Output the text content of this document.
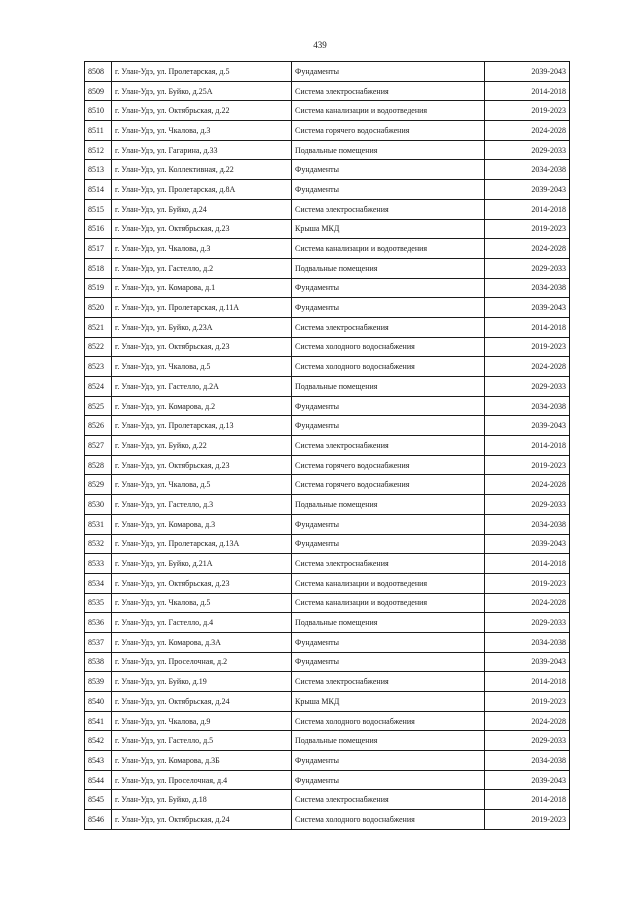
439
8508	г. Улан-Удэ, ул. Пролетарская, д.5	Фундаменты	2039-2043
8509	г. Улан-Удэ, ул. Буйко, д.25А	Система электроснабжения	2014-2018
8510	г. Улан-Удэ, ул. Октябрьская, д.22	Система канализации и водоотведения	2019-2023
8511	г. Улан-Удэ, ул. Чкалова, д.3	Система горячего водоснабжения	2024-2028
8512	г. Улан-Удэ, ул. Гагарина, д.33	Подвальные помещения	2029-2033
8513	г. Улан-Удэ, ул. Коллективная, д.22	Фундаменты	2034-2038
8514	г. Улан-Удэ, ул. Пролетарская, д.8А	Фундаменты	2039-2043
8515	г. Улан-Удэ, ул. Буйко, д.24	Система электроснабжения	2014-2018
8516	г. Улан-Удэ, ул. Октябрьская, д.23	Крыша МКД	2019-2023
8517	г. Улан-Удэ, ул. Чкалова, д.3	Система канализации и водоотведения	2024-2028
8518	г. Улан-Удэ, ул. Гастелло, д.2	Подвальные помещения	2029-2033
8519	г. Улан-Удэ, ул. Комарова, д.1	Фундаменты	2034-2038
8520	г. Улан-Удэ, ул. Пролетарская, д.11А	Фундаменты	2039-2043
8521	г. Улан-Удэ, ул. Буйко, д.23А	Система электроснабжения	2014-2018
8522	г. Улан-Удэ, ул. Октябрьская, д.23	Система холодного водоснабжения	2019-2023
8523	г. Улан-Удэ, ул. Чкалова, д.5	Система холодного водоснабжения	2024-2028
8524	г. Улан-Удэ, ул. Гастелло, д.2А	Подвальные помещения	2029-2033
8525	г. Улан-Удэ, ул. Комарова, д.2	Фундаменты	2034-2038
8526	г. Улан-Удэ, ул. Пролетарская, д.13	Фундаменты	2039-2043
8527	г. Улан-Удэ, ул. Буйко, д.22	Система электроснабжения	2014-2018
8528	г. Улан-Удэ, ул. Октябрьская, д.23	Система горячего водоснабжения	2019-2023
8529	г. Улан-Удэ, ул. Чкалова, д.5	Система горячего водоснабжения	2024-2028
8530	г. Улан-Удэ, ул. Гастелло, д.3	Подвальные помещения	2029-2033
8531	г. Улан-Удэ, ул. Комарова, д.3	Фундаменты	2034-2038
8532	г. Улан-Удэ, ул. Пролетарская, д.13А	Фундаменты	2039-2043
8533	г. Улан-Удэ, ул. Буйко, д.21А	Система электроснабжения	2014-2018
8534	г. Улан-Удэ, ул. Октябрьская, д.23	Система канализации и водоотведения	2019-2023
8535	г. Улан-Удэ, ул. Чкалова, д.5	Система канализации и водоотведения	2024-2028
8536	г. Улан-Удэ, ул. Гастелло, д.4	Подвальные помещения	2029-2033
8537	г. Улан-Удэ, ул. Комарова, д.3А	Фундаменты	2034-2038
8538	г. Улан-Удэ, ул. Проселочная, д.2	Фундаменты	2039-2043
8539	г. Улан-Удэ, ул. Буйко, д.19	Система электроснабжения	2014-2018
8540	г. Улан-Удэ, ул. Октябрьская, д.24	Крыша МКД	2019-2023
8541	г. Улан-Удэ, ул. Чкалова, д.9	Система холодного водоснабжения	2024-2028
8542	г. Улан-Удэ, ул. Гастелло, д.5	Подвальные помещения	2029-2033
8543	г. Улан-Удэ, ул. Комарова, д.3Б	Фундаменты	2034-2038
8544	г. Улан-Удэ, ул. Проселочная, д.4	Фундаменты	2039-2043
8545	г. Улан-Удэ, ул. Буйко, д.18	Система электроснабжения	2014-2018
8546	г. Улан-Удэ, ул. Октябрьская, д.24	Система холодного водоснабжения	2019-2023
